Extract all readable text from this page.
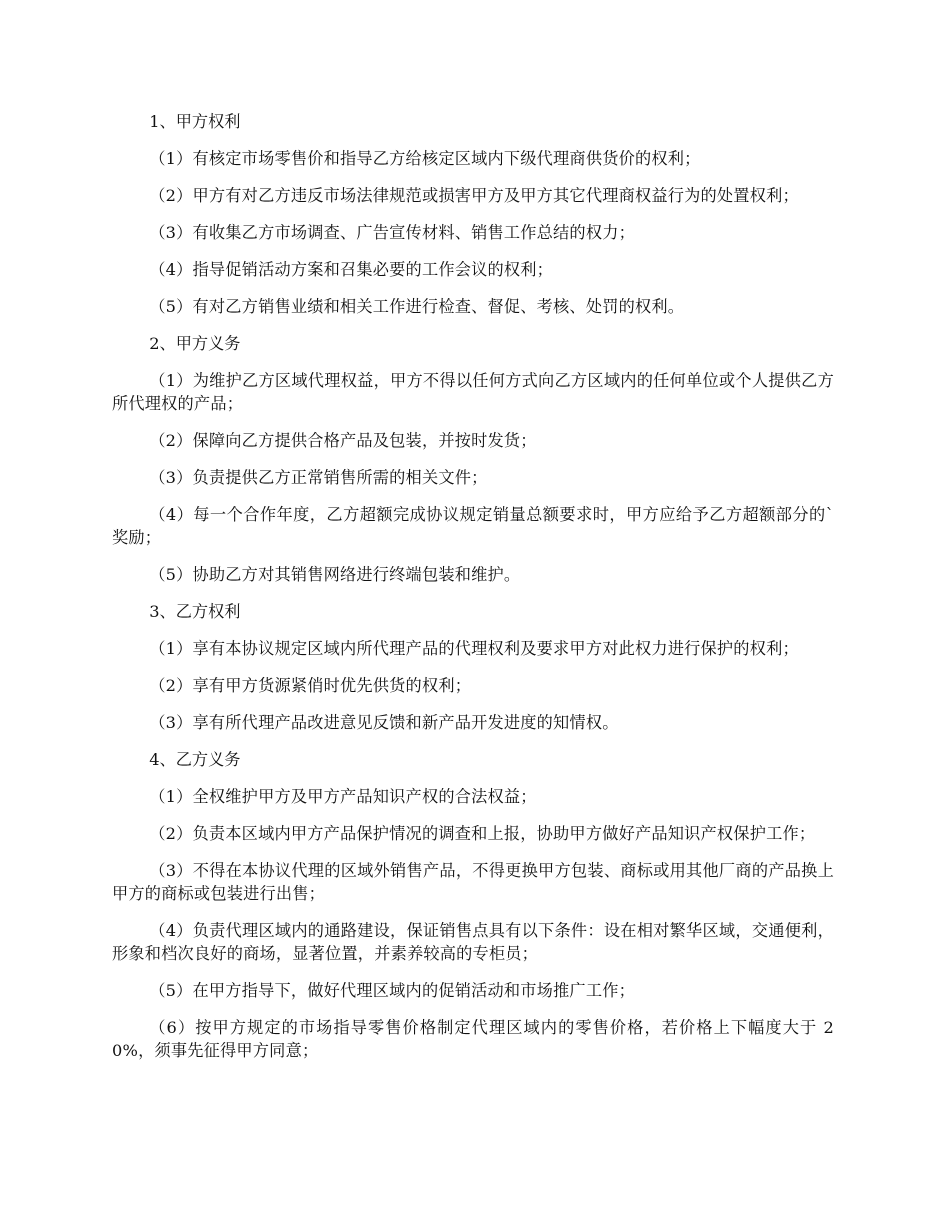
1、甲方权利

（1）有核定市场零售价和指导乙方给核定区域内下级代理商供货价的权利；

（2）甲方有对乙方违反市场法律规范或损害甲方及甲方其它代理商权益行为的处置权利；

（3）有收集乙方市场调查、广告宣传材料、销售工作总结的权力；

（4）指导促销活动方案和召集必要的工作会议的权利；

（5）有对乙方销售业绩和相关工作进行检查、督促、考核、处罚的权利。

2、甲方义务

（1）为维护乙方区域代理权益，甲方不得以任何方式向乙方区域内的任何单位或个人提供乙方所代理权的产品；

（2）保障向乙方提供合格产品及包装，并按时发货；

（3）负责提供乙方正常销售所需的相关文件；

（4）每一个合作年度，乙方超额完成协议规定销量总额要求时，甲方应给予乙方超额部分的`奖励；

（5）协助乙方对其销售网络进行终端包装和维护。

3、乙方权利

（1）享有本协议规定区域内所代理产品的代理权利及要求甲方对此权力进行保护的权利；

（2）享有甲方货源紧俏时优先供货的权利；

（3）享有所代理产品改进意见反馈和新产品开发进度的知情权。

4、乙方义务

（1）全权维护甲方及甲方产品知识产权的合法权益；

（2）负责本区域内甲方产品保护情况的调查和上报，协助甲方做好产品知识产权保护工作；

（3）不得在本协议代理的区域外销售产品，不得更换甲方包装、商标或用其他厂商的产品换上甲方的商标或包装进行出售；

（4）负责代理区域内的通路建设，保证销售点具有以下条件：设在相对繁华区域，交通便利，形象和档次良好的商场，显著位置，并素养较高的专柜员；

（5）在甲方指导下，做好代理区域内的促销活动和市场推广工作；

（6）按甲方规定的市场指导零售价格制定代理区域内的零售价格，若价格上下幅度大于 20%，须事先征得甲方同意；
